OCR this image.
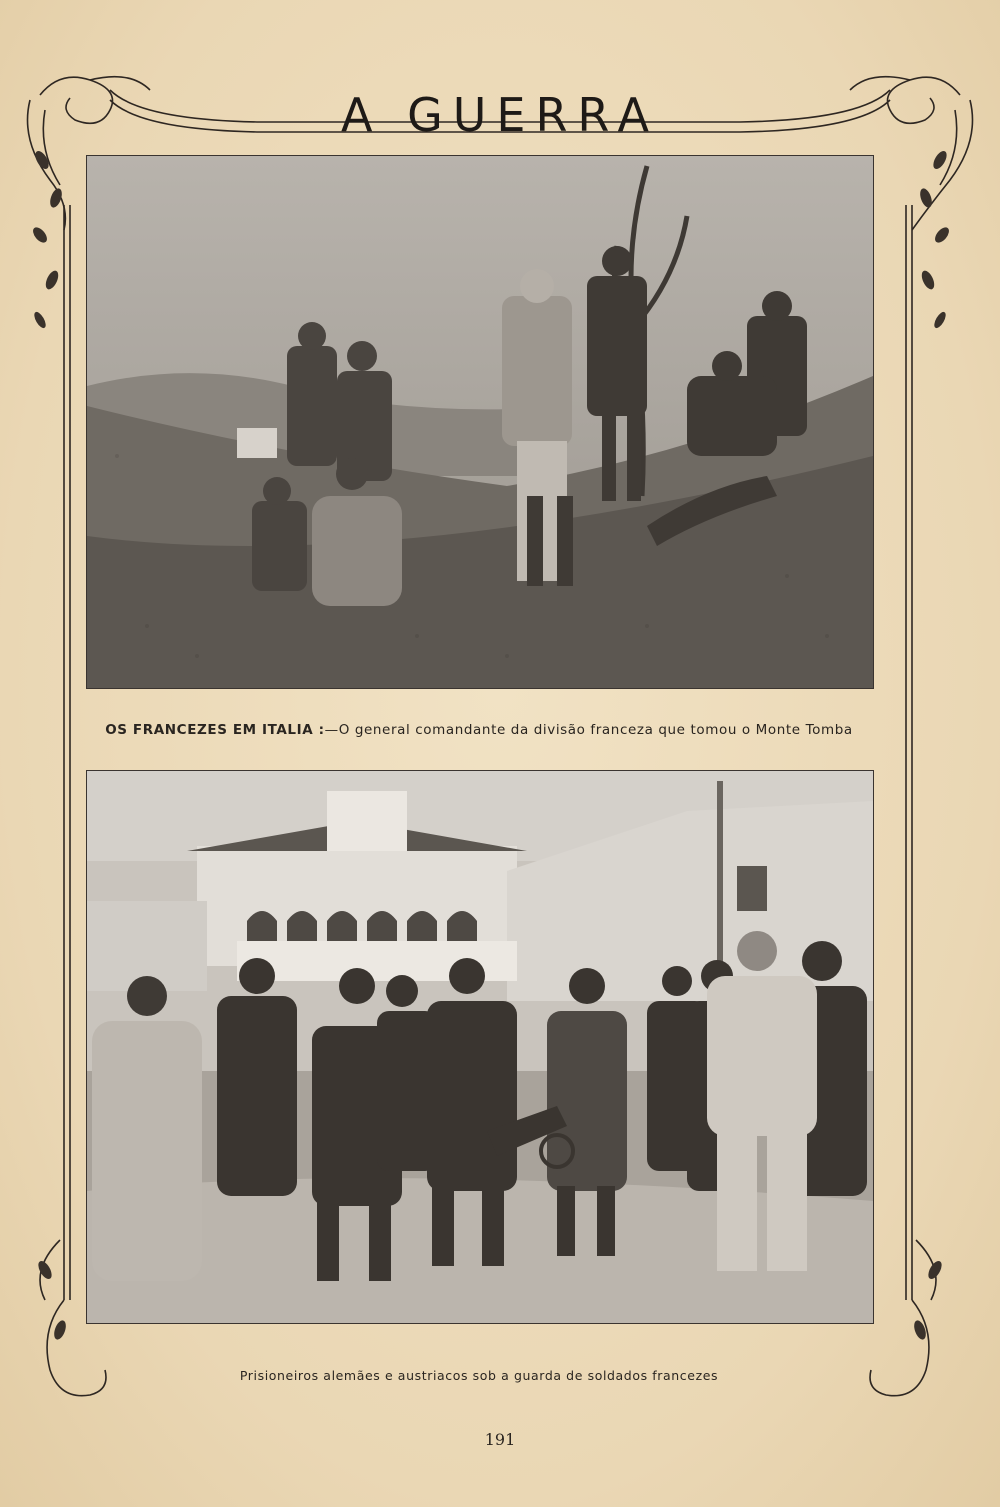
A GUERRA
OS FRANCEZES EM ITALIA :—O general comandante da divisão franceza que tomou o Monte Tomba
Prisioneiros alemães e austriacos sob a guarda de soldados francezes
191
